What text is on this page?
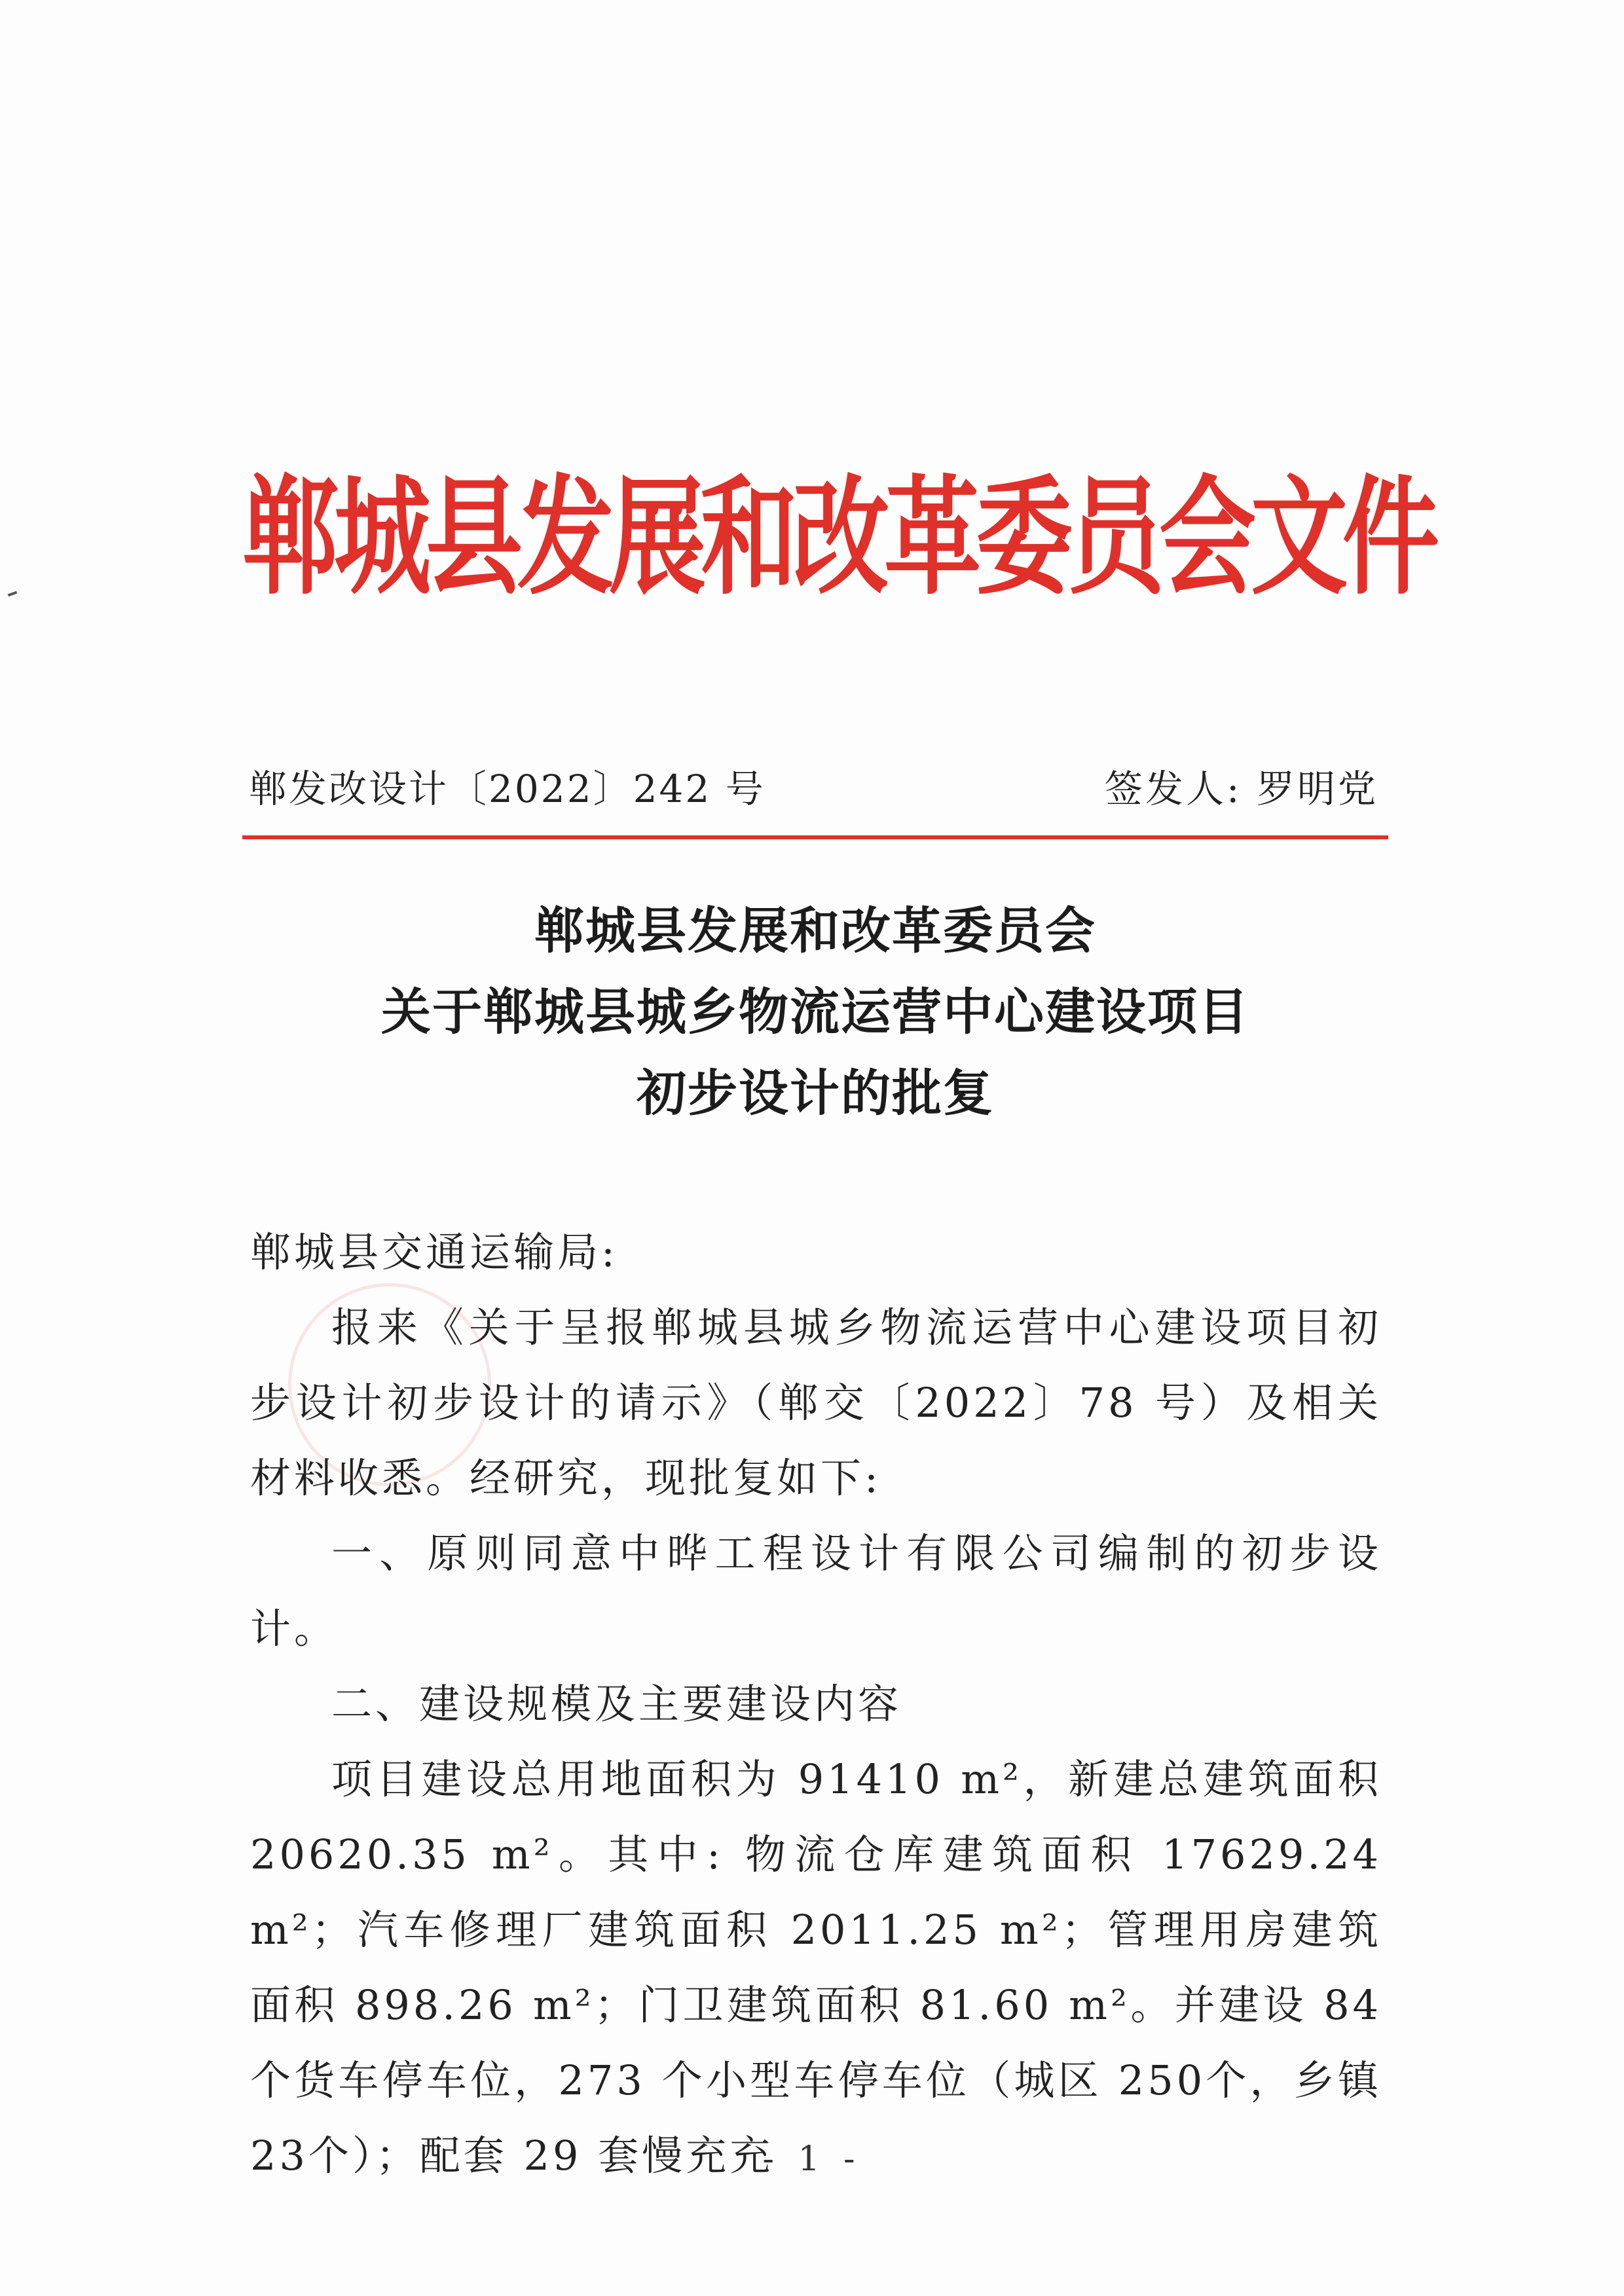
郸城县发展和改革委员会文件
郸发改设计〔2022〕242 号	签发人: 罗明党
郸城县发展和改革委员会
关于郸城县城乡物流运营中心建设项目
初步设计的批复

郸城县交通运输局:

报来《关于呈报郸城县城乡物流运营中心建设项目初步设计初步设计的请示》（郸交〔2022〕78 号）及相关材料收悉。经研究，现批复如下:

一、原则同意中晔工程设计有限公司编制的初步设计。

二、建设规模及主要建设内容

项目建设总用地面积为 91410 m²，新建总建筑面积 20620.35 m²。其中: 物流仓库建筑面积 17629.24 m²；汽车修理厂建筑面积 2011.25 m²；管理用房建筑面积 898.26 m²；门卫建筑面积 81.60 m²。并建设 84 个货车停车位，273 个小型车停车位（城区 250个，乡镇 23个）；配套 29 套慢充充

- 1 -
